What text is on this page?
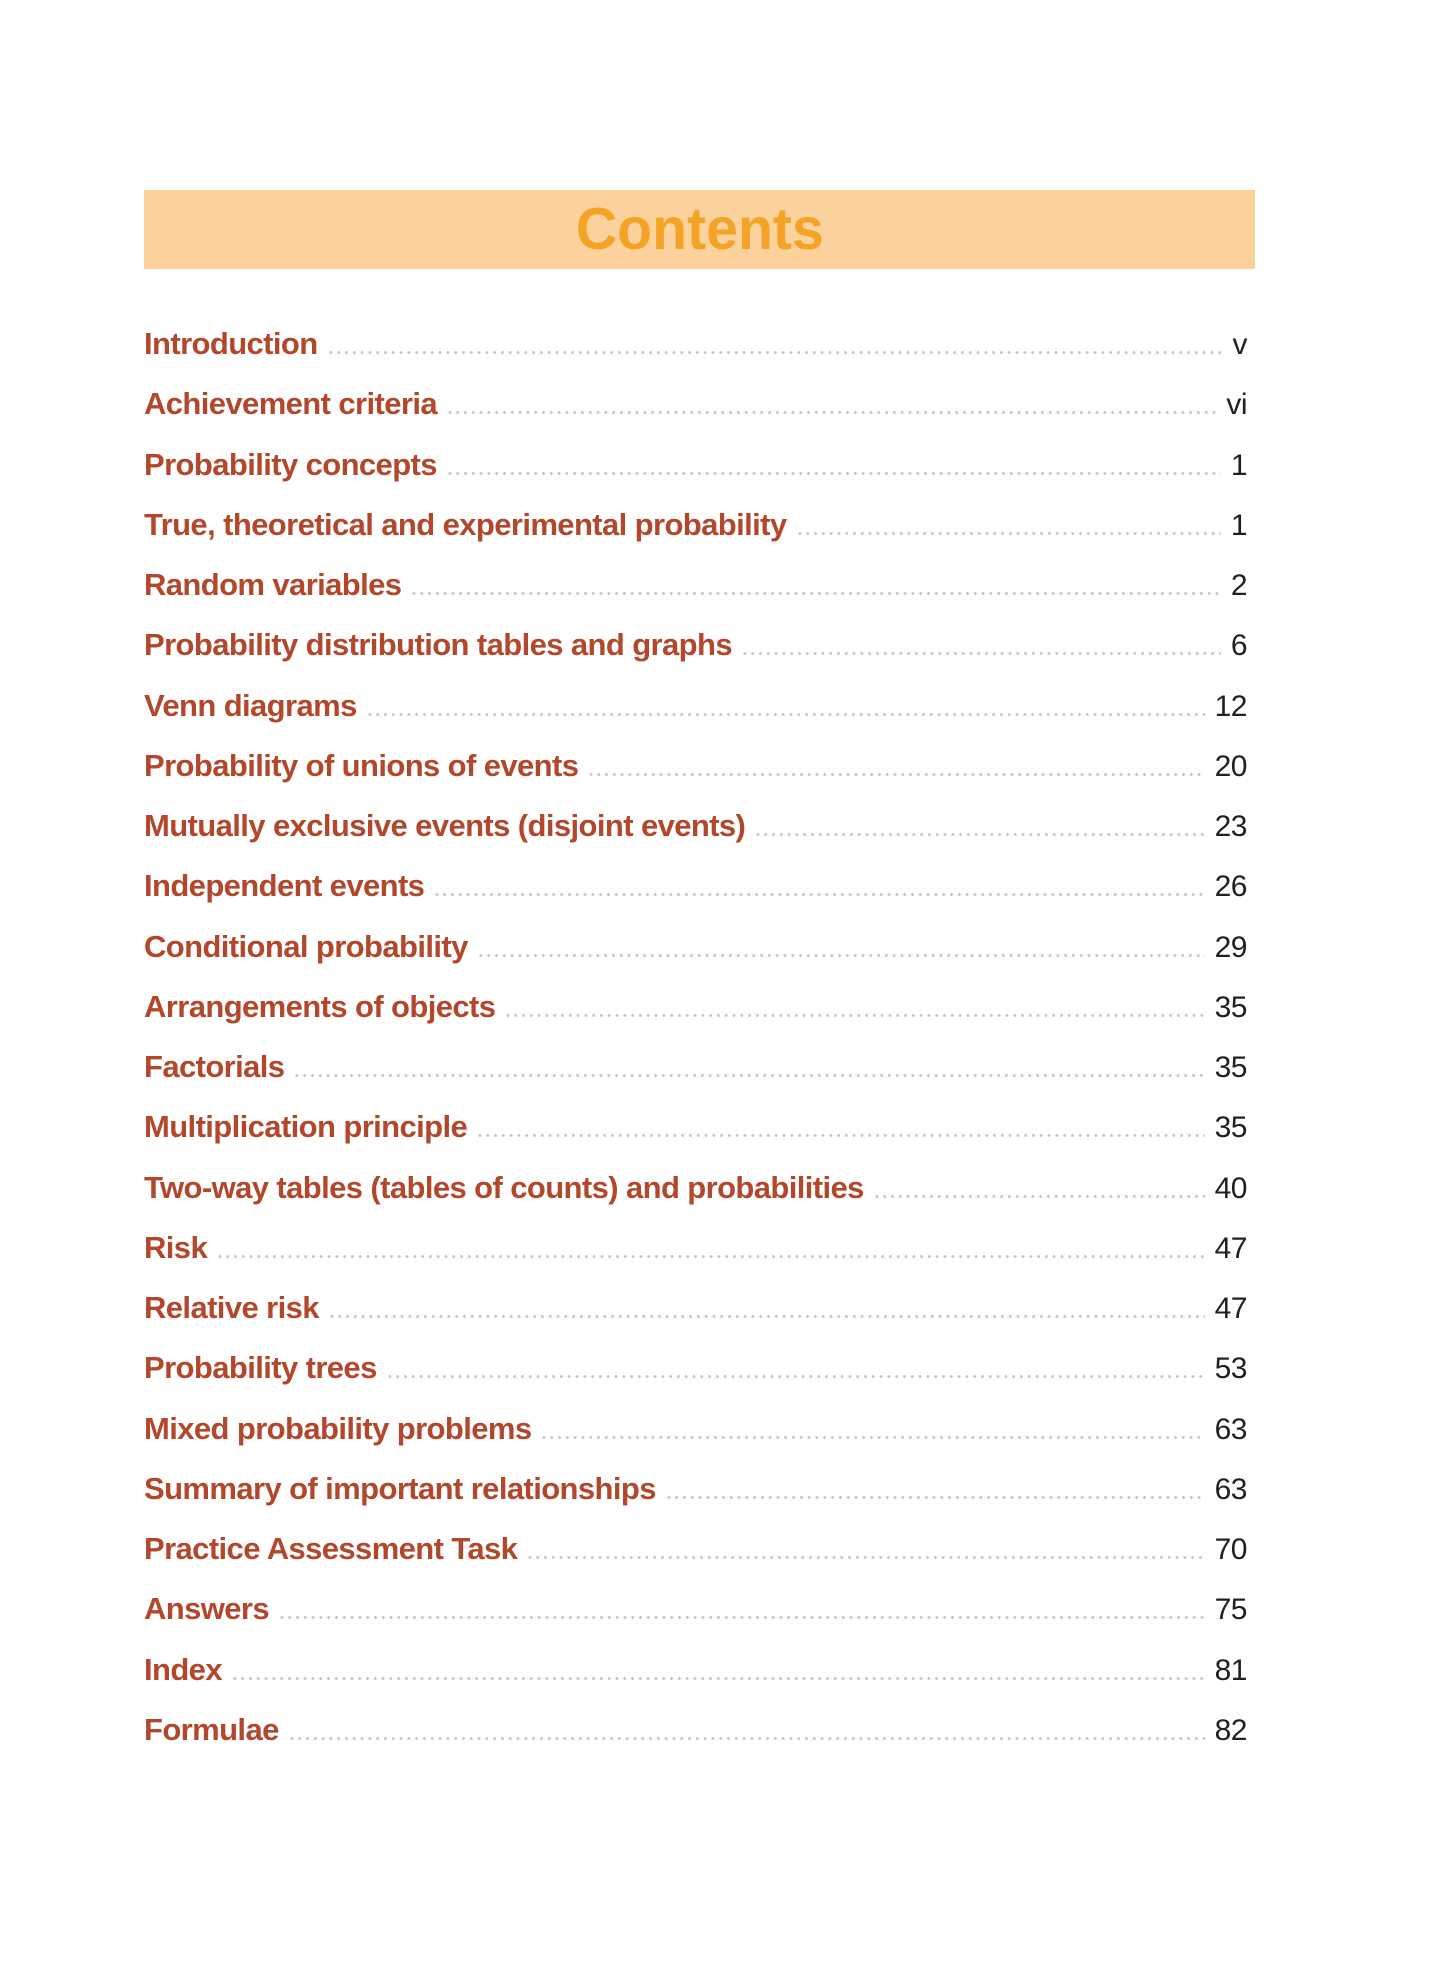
Contents
Introduction	v
Achievement criteria	vi
Probability concepts	1
True, theoretical and experimental probability	1
Random variables	2
Probability distribution tables and graphs	6
Venn diagrams	12
Probability of unions of events	20
Mutually exclusive events (disjoint events)	23
Independent events	26
Conditional probability	29
Arrangements of objects	35
Factorials	35
Multiplication principle	35
Two-way tables (tables of counts) and probabilities	40
Risk	47
Relative risk	47
Probability trees	53
Mixed probability problems	63
Summary of important relationships	63
Practice Assessment Task	70
Answers	75
Index	81
Formulae	82
